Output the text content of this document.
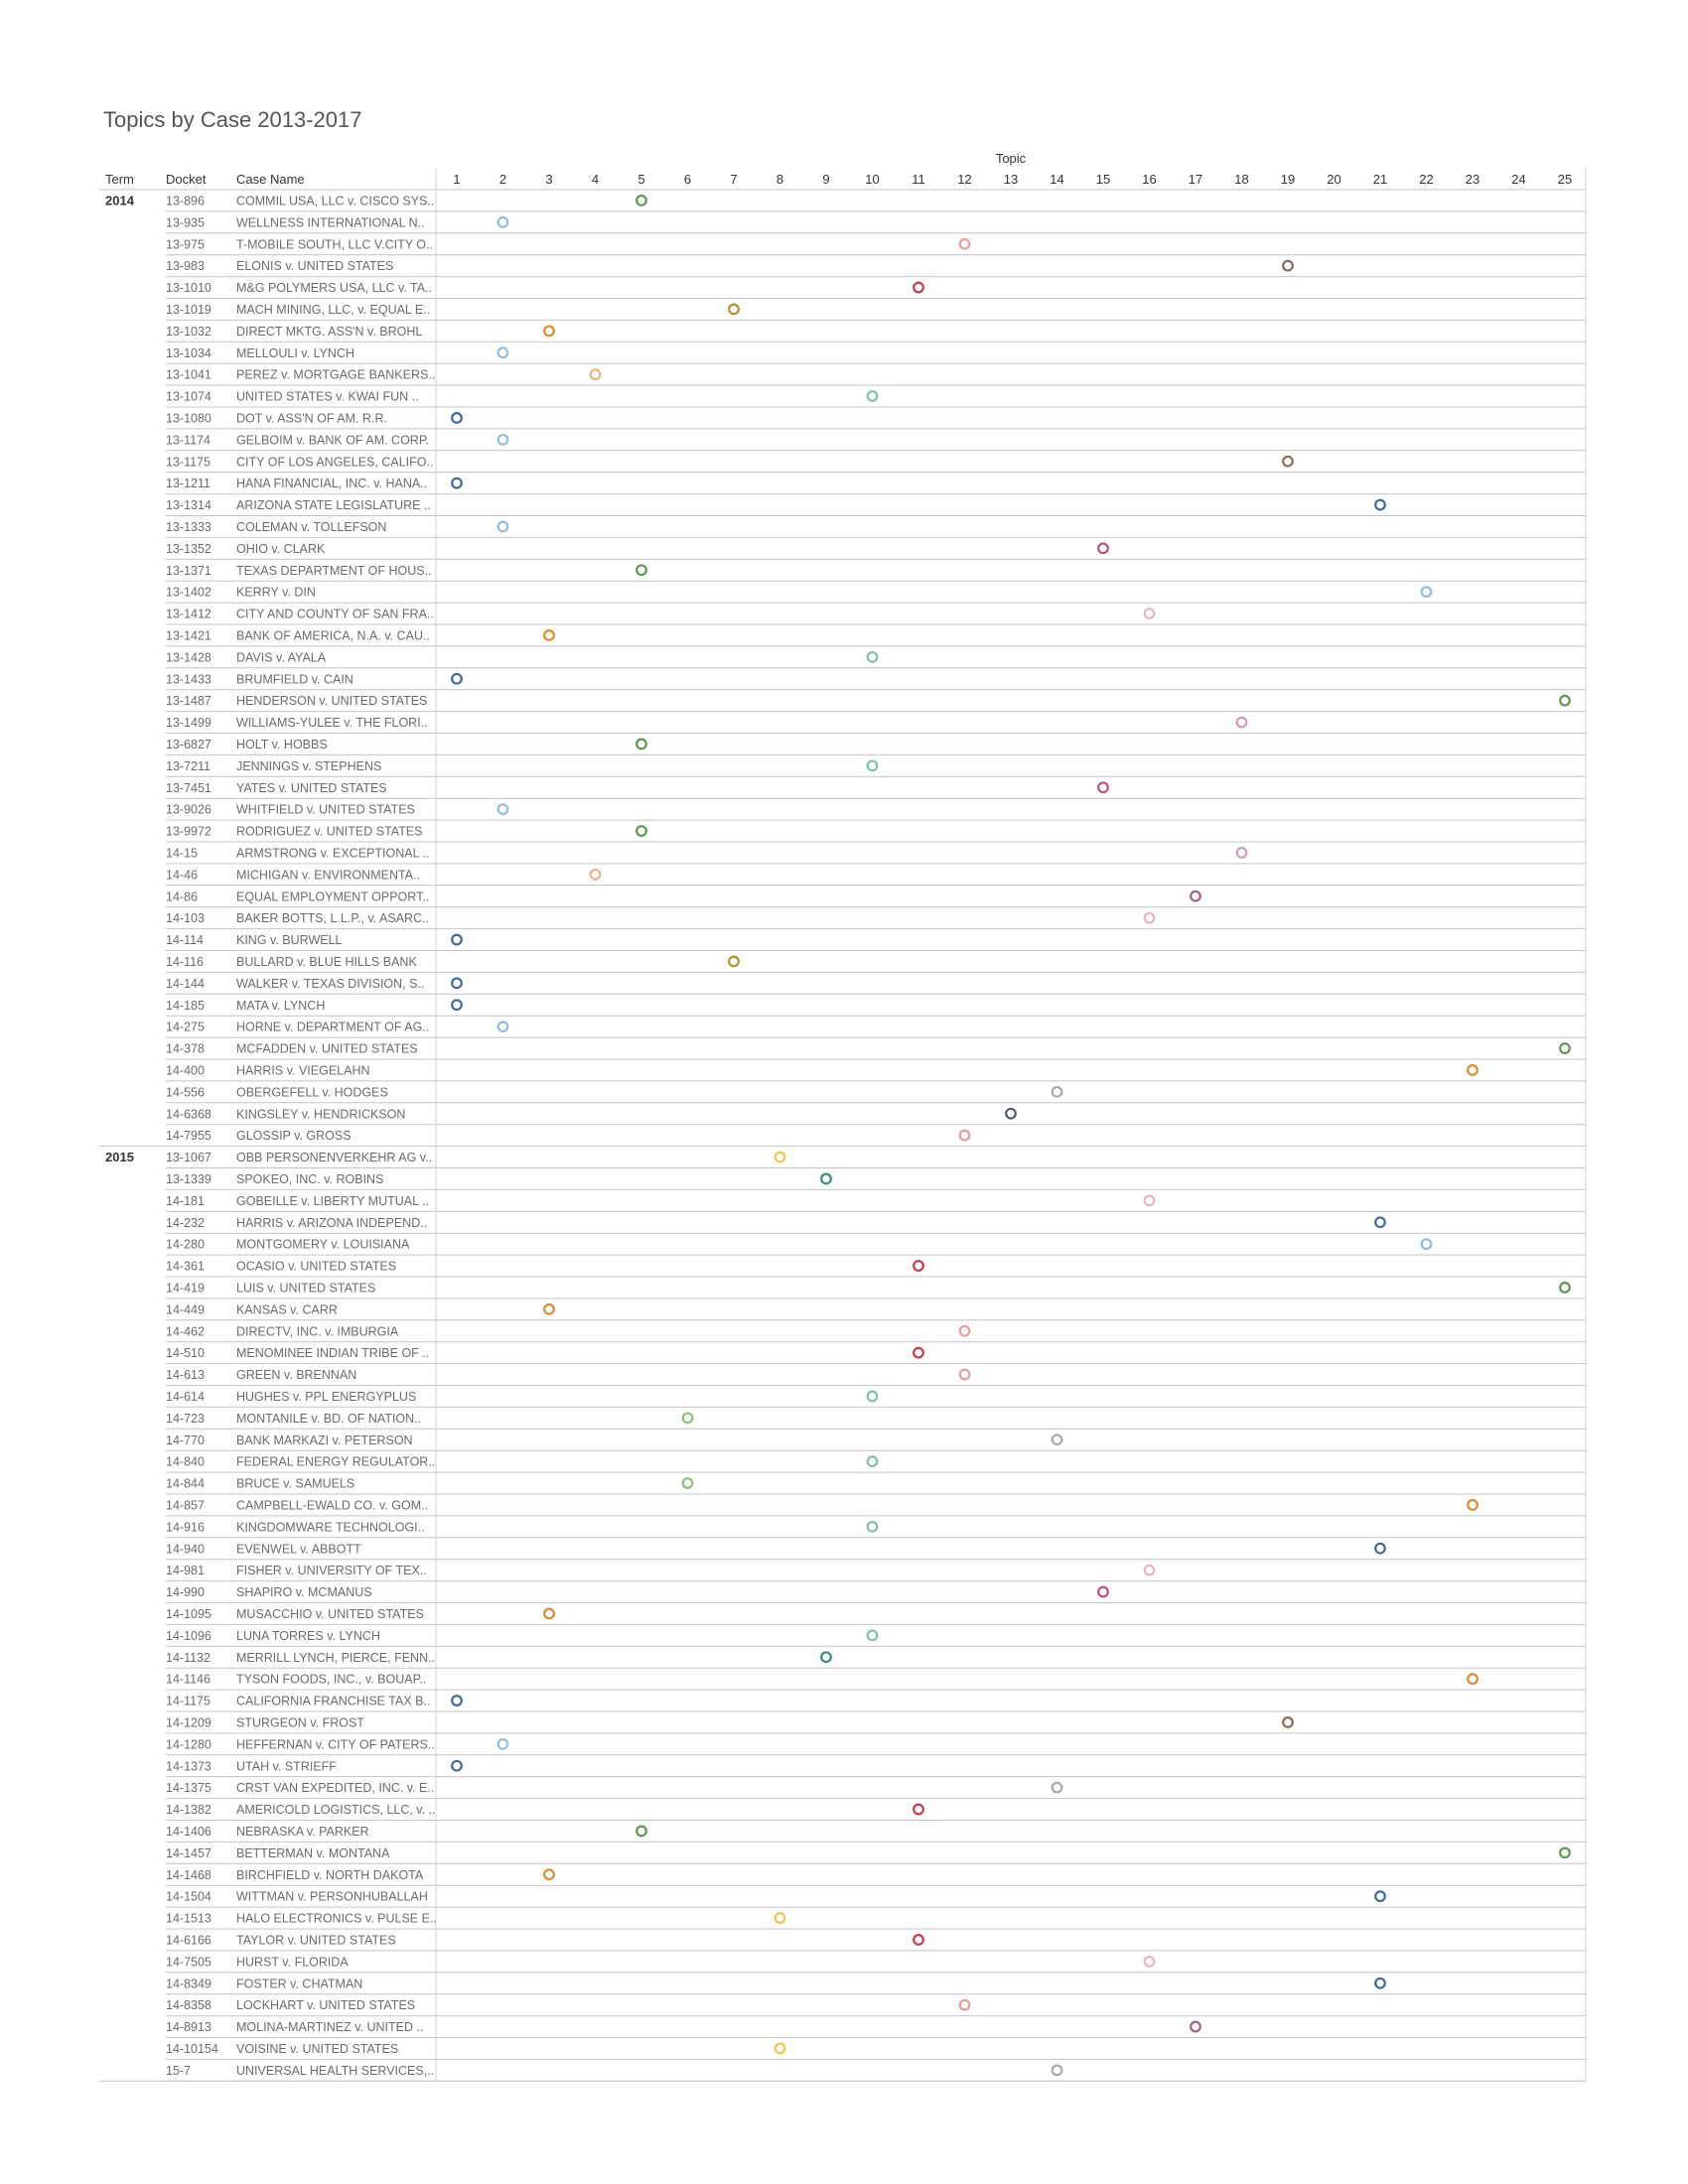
Topics by Case 2013-2017
Topic
Term Docket Case Name	1	2	3	4	5	6	7	8	9	10	11	12 13 14 15 16 17 18 19 20 21 22 23 24 25
2014	13-896	COMMIL USA, LLC v. CISCO SYS..
13-935	WELLNESS INTERNATIONAL N..
13-975	T-MOBILE SOUTH, LLC V.CITY O..
13-983	ELONIS v. UNITED STATES
13-1010 M&G POLYMERS USA, LLC v. TA..
13-1019 MACH MINING, LLC, v. EQUAL E..
13-1032 DIRECT MKTG. ASS'N v. BROHL
13-1034 MELLOULI v. LYNCH
13-1041 PEREZ v. MORTGAGE BANKERS..
13-1074 UNITED STATES v. KWAI FUN ..
13-1080 DOT v. ASS'N OF AM. R.R.
13-1174 GELBOIM v. BANK OF AM. CORP.
13-1175 CITY OF LOS ANGELES, CALIFO..
13-1211 HANA FINANCIAL, INC. v. HANA..
13-1314 ARIZONA STATE LEGISLATURE ..
13-1333 COLEMAN v. TOLLEFSON
13-1352 OHIO v. CLARK
13-1371 TEXAS DEPARTMENT OF HOUS..
13-1402 KERRY v. DIN
13-1412 CITY AND COUNTY OF SAN FRA..
13-1421 BANK OF AMERICA, N.A. v. CAU..
13-1428 DAVIS v. AYALA
13-1433 BRUMFIELD v. CAIN
13-1487 HENDERSON v. UNITED STATES
13-1499 WILLIAMS-YULEE v. THE FLORI..
13-6827 HOLT v. HOBBS
13-7211 JENNINGS v. STEPHENS
13-7451 YATES v. UNITED STATES
13-9026 WHITFIELD v. UNITED STATES
13-9972 RODRIGUEZ v. UNITED STATES
14-15	ARMSTRONG v. EXCEPTIONAL ..
14-46	MICHIGAN v. ENVIRONMENTA..
14-86	EQUAL EMPLOYMENT OPPORT..
14-103	BAKER BOTTS, L.L.P., v. ASARC..
14-114	KING v. BURWELL
14-116	BULLARD v. BLUE HILLS BANK
14-144	WALKER v. TEXAS DIVISION, S..
14-185	MATA v. LYNCH
14-275	HORNE v. DEPARTMENT OF AG..
14-378	MCFADDEN v. UNITED STATES
14-400	HARRIS v. VIEGELAHN
14-556	OBERGEFELL v. HODGES
14-6368 KINGSLEY v. HENDRICKSON
14-7955 GLOSSIP v. GROSS
2015	13-1067 OBB PERSONENVERKEHR AG v..
13-1339 SPOKEO, INC. v. ROBINS
14-181	GOBEILLE v. LIBERTY MUTUAL ..
14-232	HARRIS v. ARIZONA INDEPEND..
14-280	MONTGOMERY v. LOUISIANA
14-361	OCASIO v. UNITED STATES
14-419	LUIS v. UNITED STATES
14-449	KANSAS v. CARR
14-462	DIRECTV, INC. v. IMBURGIA
14-510	MENOMINEE INDIAN TRIBE OF ..
14-613	GREEN v. BRENNAN
14-614	HUGHES v. PPL ENERGYPLUS
14-723	MONTANILE v. BD. OF NATION..
14-770	BANK MARKAZI v. PETERSON
14-840	FEDERAL ENERGY REGULATOR..
14-844	BRUCE v. SAMUELS
14-857	CAMPBELL-EWALD CO. v. GOM..
14-916	KINGDOMWARE TECHNOLOGI..
14-940	EVENWEL v. ABBOTT
14-981	FISHER v. UNIVERSITY OF TEX..
14-990	SHAPIRO v. MCMANUS
14-1095 MUSACCHIO v. UNITED STATES
14-1096 LUNA TORRES v. LYNCH
14-1132 MERRILL LYNCH, PIERCE, FENN..
14-1146 TYSON FOODS, INC., v. BOUAP..
14-1175 CALIFORNIA FRANCHISE TAX B..
14-1209 STURGEON v. FROST
14-1280 HEFFERNAN v. CITY OF PATERS..
14-1373 UTAH v. STRIEFF
14-1375 CRST VAN EXPEDITED, INC. v. E..
14-1382 AMERICOLD LOGISTICS, LLC, v. ..
14-1406 NEBRASKA v. PARKER
14-1457 BETTERMAN v. MONTANA
14-1468 BIRCHFIELD v. NORTH DAKOTA
14-1504 WITTMAN v. PERSONHUBALLAH
14-1513 HALO ELECTRONICS v. PULSE E..
14-6166 TAYLOR v. UNITED STATES
14-7505 HURST v. FLORIDA
14-8349 FOSTER v. CHATMAN
14-8358 LOCKHART v. UNITED STATES
14-8913 MOLINA-MARTINEZ v. UNITED ..
14-10154 VOISINE v. UNITED STATES
15-7	UNIVERSAL HEALTH SERVICES,..
